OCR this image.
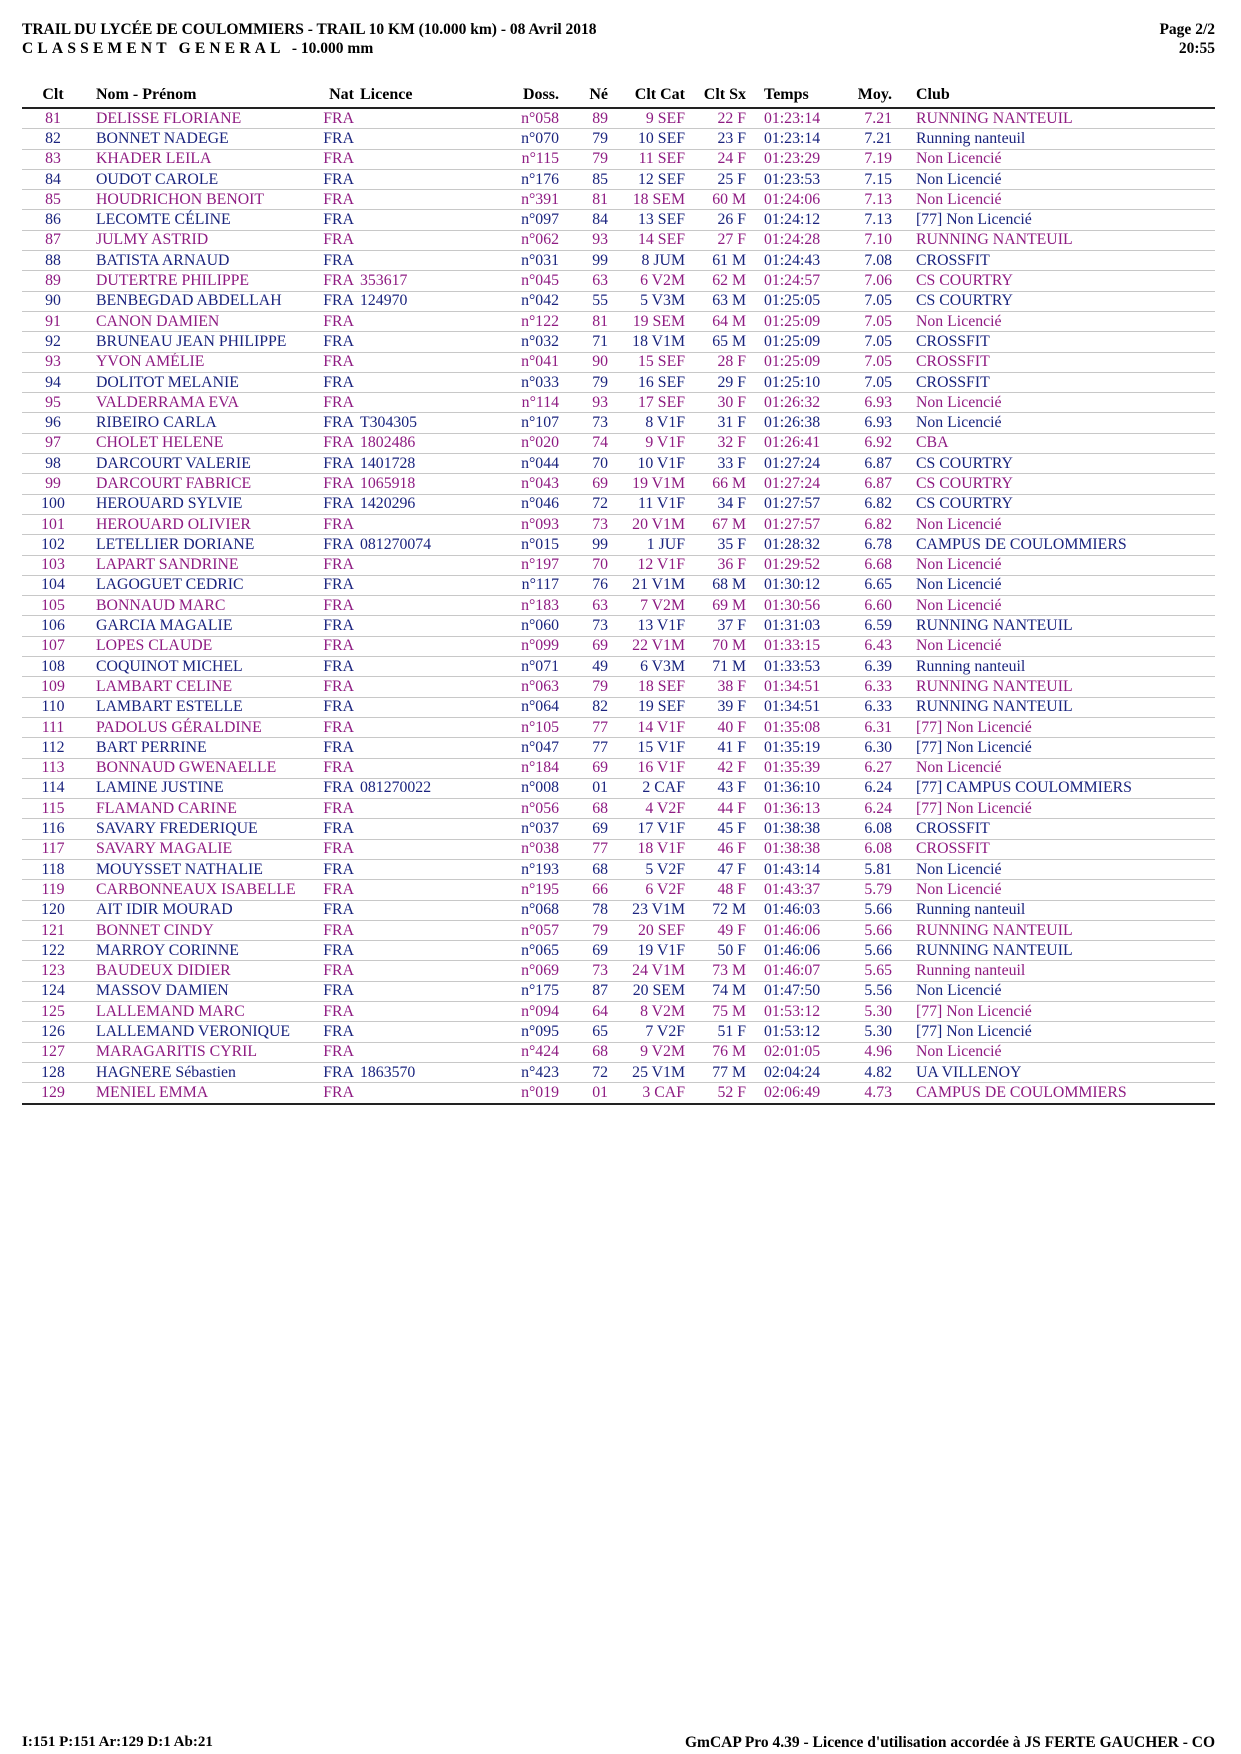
TRAIL DU LYCÉE DE COULOMMIERS - TRAIL 10 KM (10.000 km) - 08 Avril 2018
CLASSEMENT GENERAL - 10.000 mm
Page 2/2
20:55
Clt	Nom - Prénom	Nat	Licence	Doss.	Né	Clt Cat	Clt Sx	Temps	Moy.	Club
81	DELISSE FLORIANE	FRA		n°058	89	9 SEF	22 F	01:23:14	7.21	RUNNING NANTEUIL
82	BONNET NADEGE	FRA		n°070	79	10 SEF	23 F	01:23:14	7.21	Running nanteuil
83	KHADER LEILA	FRA		n°115	79	11 SEF	24 F	01:23:29	7.19	Non Licencié
84	OUDOT CAROLE	FRA		n°176	85	12 SEF	25 F	01:23:53	7.15	Non Licencié
85	HOUDRICHON BENOIT	FRA		n°391	81	18 SEM	60 M	01:24:06	7.13	Non Licencié
86	LECOMTE CÉLINE	FRA		n°097	84	13 SEF	26 F	01:24:12	7.13	[77] Non Licencié
87	JULMY ASTRID	FRA		n°062	93	14 SEF	27 F	01:24:28	7.10	RUNNING NANTEUIL
88	BATISTA ARNAUD	FRA		n°031	99	8 JUM	61 M	01:24:43	7.08	CROSSFIT
89	DUTERTRE PHILIPPE	FRA	353617	n°045	63	6 V2M	62 M	01:24:57	7.06	CS COURTRY
90	BENBEGDAD ABDELLAH	FRA	124970	n°042	55	5 V3M	63 M	01:25:05	7.05	CS COURTRY
91	CANON DAMIEN	FRA		n°122	81	19 SEM	64 M	01:25:09	7.05	Non Licencié
92	BRUNEAU JEAN PHILIPPE	FRA		n°032	71	18 V1M	65 M	01:25:09	7.05	CROSSFIT
93	YVON AMÉLIE	FRA		n°041	90	15 SEF	28 F	01:25:09	7.05	CROSSFIT
94	DOLITOT MELANIE	FRA		n°033	79	16 SEF	29 F	01:25:10	7.05	CROSSFIT
95	VALDERRAMA EVA	FRA		n°114	93	17 SEF	30 F	01:26:32	6.93	Non Licencié
96	RIBEIRO CARLA	FRA	T304305	n°107	73	8 V1F	31 F	01:26:38	6.93	Non Licencié
97	CHOLET HELENE	FRA	1802486	n°020	74	9 V1F	32 F	01:26:41	6.92	CBA
98	DARCOURT VALERIE	FRA	1401728	n°044	70	10 V1F	33 F	01:27:24	6.87	CS COURTRY
99	DARCOURT FABRICE	FRA	1065918	n°043	69	19 V1M	66 M	01:27:24	6.87	CS COURTRY
100	HEROUARD SYLVIE	FRA	1420296	n°046	72	11 V1F	34 F	01:27:57	6.82	CS COURTRY
101	HEROUARD OLIVIER	FRA		n°093	73	20 V1M	67 M	01:27:57	6.82	Non Licencié
102	LETELLIER DORIANE	FRA	081270074	n°015	99	1 JUF	35 F	01:28:32	6.78	CAMPUS DE COULOMMIERS
103	LAPART SANDRINE	FRA		n°197	70	12 V1F	36 F	01:29:52	6.68	Non Licencié
104	LAGOGUET CEDRIC	FRA		n°117	76	21 V1M	68 M	01:30:12	6.65	Non Licencié
105	BONNAUD MARC	FRA		n°183	63	7 V2M	69 M	01:30:56	6.60	Non Licencié
106	GARCIA MAGALIE	FRA		n°060	73	13 V1F	37 F	01:31:03	6.59	RUNNING NANTEUIL
107	LOPES CLAUDE	FRA		n°099	69	22 V1M	70 M	01:33:15	6.43	Non Licencié
108	COQUINOT MICHEL	FRA		n°071	49	6 V3M	71 M	01:33:53	6.39	Running nanteuil
109	LAMBART CELINE	FRA		n°063	79	18 SEF	38 F	01:34:51	6.33	RUNNING NANTEUIL
110	LAMBART ESTELLE	FRA		n°064	82	19 SEF	39 F	01:34:51	6.33	RUNNING NANTEUIL
111	PADOLUS GÉRALDINE	FRA		n°105	77	14 V1F	40 F	01:35:08	6.31	[77] Non Licencié
112	BART PERRINE	FRA		n°047	77	15 V1F	41 F	01:35:19	6.30	[77] Non Licencié
113	BONNAUD GWENAELLE	FRA		n°184	69	16 V1F	42 F	01:35:39	6.27	Non Licencié
114	LAMINE JUSTINE	FRA	081270022	n°008	01	2 CAF	43 F	01:36:10	6.24	[77] CAMPUS COULOMMIERS
115	FLAMAND CARINE	FRA		n°056	68	4 V2F	44 F	01:36:13	6.24	[77] Non Licencié
116	SAVARY FREDERIQUE	FRA		n°037	69	17 V1F	45 F	01:38:38	6.08	CROSSFIT
117	SAVARY MAGALIE	FRA		n°038	77	18 V1F	46 F	01:38:38	6.08	CROSSFIT
118	MOUYSSET NATHALIE	FRA		n°193	68	5 V2F	47 F	01:43:14	5.81	Non Licencié
119	CARBONNEAUX ISABELLE	FRA		n°195	66	6 V2F	48 F	01:43:37	5.79	Non Licencié
120	AIT IDIR MOURAD	FRA		n°068	78	23 V1M	72 M	01:46:03	5.66	Running nanteuil
121	BONNET CINDY	FRA		n°057	79	20 SEF	49 F	01:46:06	5.66	RUNNING NANTEUIL
122	MARROY CORINNE	FRA		n°065	69	19 V1F	50 F	01:46:06	5.66	RUNNING NANTEUIL
123	BAUDEUX DIDIER	FRA		n°069	73	24 V1M	73 M	01:46:07	5.65	Running nanteuil
124	MASSOV DAMIEN	FRA		n°175	87	20 SEM	74 M	01:47:50	5.56	Non Licencié
125	LALLEMAND MARC	FRA		n°094	64	8 V2M	75 M	01:53:12	5.30	[77] Non Licencié
126	LALLEMAND VERONIQUE	FRA		n°095	65	7 V2F	51 F	01:53:12	5.30	[77] Non Licencié
127	MARAGARITIS CYRIL	FRA		n°424	68	9 V2M	76 M	02:01:05	4.96	Non Licencié
128	HAGNERE Sébastien	FRA	1863570	n°423	72	25 V1M	77 M	02:04:24	4.82	UA VILLENOY
129	MENIEL EMMA	FRA		n°019	01	3 CAF	52 F	02:06:49	4.73	CAMPUS DE COULOMMIERS
I:151 P:151 Ar:129 D:1 Ab:21	GmCAP Pro 4.39 - Licence d'utilisation accordée à JS FERTE GAUCHER - CO
